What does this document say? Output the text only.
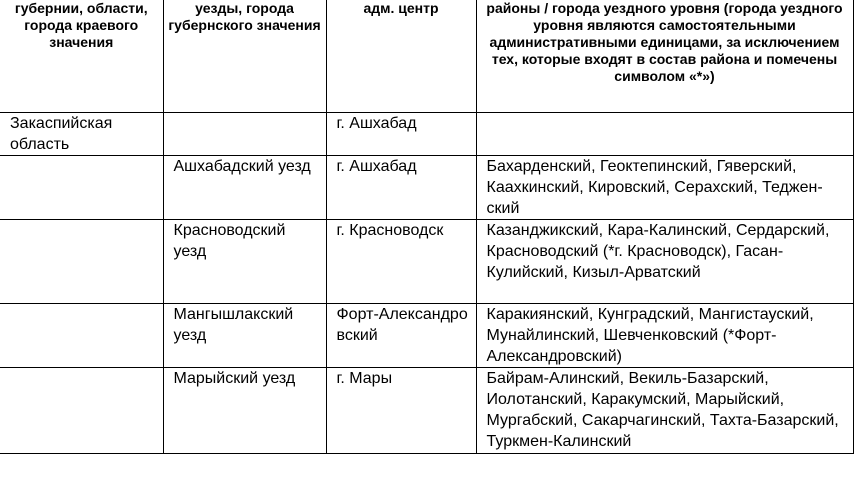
губернии, области, города краевого значения	уезды, города губернского значения	адм. центр	районы / города уездного уровня (города уездного уровня являются самостоятельными административными единицами, за исключением тех, которые входят в состав района и помечены символом «*»)
Закаспийская область		г. Ашхабад	
	Ашхабадский уезд	г. Ашхабад	Бахарденский, Геоктепинский, Гяверский, Каахкинский, Кировский, Серахский, Тедженский
	Красноводский уезд	г. Красноводск	Казанджикский, Кара-Калинский, Сердарский, Красноводский (*г. Красноводск), Гасан-Кулийский, Кизыл-Арватский
	Мангышлакский уезд	Форт-Александровский	Каракиянский, Кунградский, Мангистауский, Мунайлинский, Шевченковский (*Форт-Александровский)
	Марыйский уезд	г. Мары	Байрам-Алинский, Векиль-Базарский, Иолотанский, Каракумский, Марыйский, Мургабский, Сакарчагинский, Тахта-Базарский, Туркмен-Калинский
